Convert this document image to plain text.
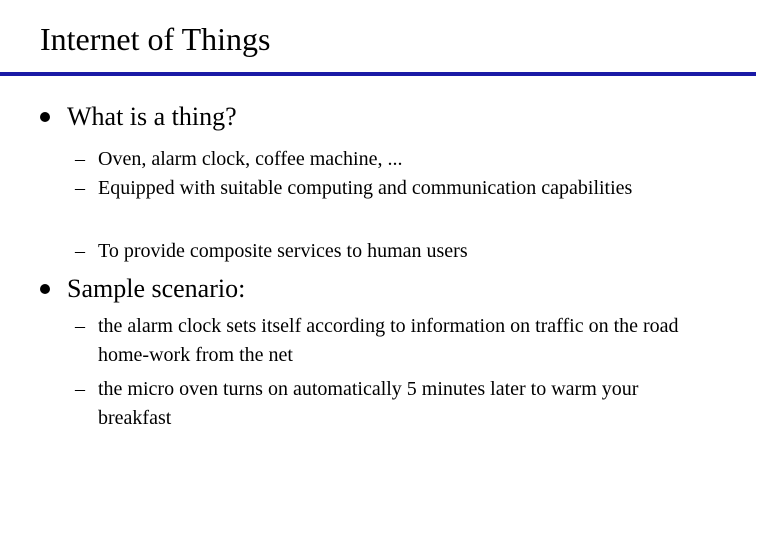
Internet of Things
What is a thing?
– Oven, alarm clock, coffee machine, ...
– Equipped with suitable computing and communication capabilities
– To provide composite services to human users
Sample scenario:
– the alarm clock sets itself according to information on traffic on the road home-work from the net
– the micro oven turns on automatically 5 minutes later to warm your breakfast
